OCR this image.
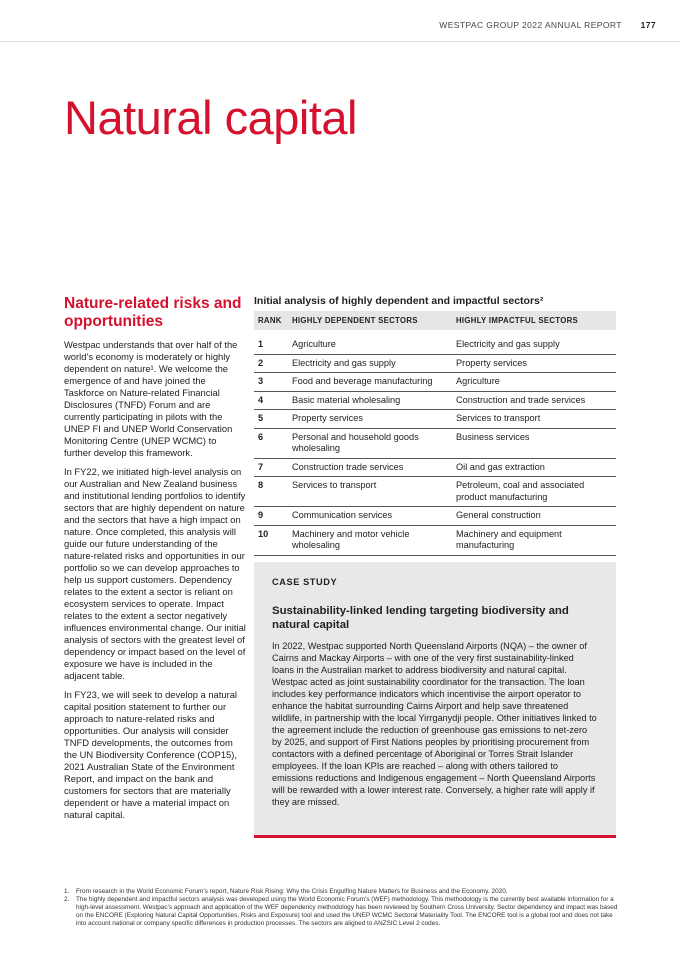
WESTPAC GROUP 2022 ANNUAL REPORT 177
Natural capital
Nature-related risks and opportunities

Westpac understands that over half of the world’s economy is moderately or highly dependent on nature¹. We welcome the emergence of and have joined the Taskforce on Nature-related Financial Disclosures (TNFD) Forum and are currently participating in pilots with the UNEP FI and UNEP World Conservation Monitoring Centre (UNEP WCMC) to further develop this framework.

In FY22, we initiated high-level analysis on our Australian and New Zealand business and institutional lending portfolios to identify sectors that are highly dependent on nature and the sectors that have a high impact on nature. Once completed, this analysis will guide our future understanding of the nature-related risks and opportunities in our portfolio so we can develop approaches to help us support customers. Dependency relates to the extent a sector is reliant on ecosystem services to operate. Impact relates to the extent a sector negatively influences environmental change. Our initial analysis of sectors with the greatest level of dependency or impact based on the level of exposure we have is included in the adjacent table.

In FY23, we will seek to develop a natural capital position statement to further our approach to nature-related risks and opportunities. Our analysis will consider TNFD developments, the outcomes from the UN Biodiversity Conference (COP15), 2021 Australian State of the Environment Report, and impact on the bank and customers for sectors that are materially dependent or have a material impact on natural capital.

Initial analysis of highly dependent and impactful sectors²
RANK	HIGHLY DEPENDENT SECTORS	HIGHLY IMPACTFUL SECTORS

1	Agriculture	Electricity and gas supply
2	Electricity and gas supply	Property services
3	Food and beverage manufacturing	Agriculture
4	Basic material wholesaling	Construction and trade services
5	Property services	Services to transport
6	Personal and household goods wholesaling	Business services
7	Construction trade services	Oil and gas extraction
8	Services to transport	Petroleum, coal and associated product manufacturing
9	Communication services	General construction
10	Machinery and motor vehicle wholesaling	Machinery and equipment manufacturing
CASE STUDY
Sustainability-linked lending targeting biodiversity and natural capital

In 2022, Westpac supported North Queensland Airports (NQA) – the owner of Cairns and Mackay Airports – with one of the very first sustainability-linked loans in the Australian market to address biodiversity and natural capital. Westpac acted as joint sustainability coordinator for the transaction. The loan includes key performance indicators which incentivise the airport operator to enhance the habitat surrounding Cairns Airport and help save threatened wildlife, in partnership with the local Yirrganydji people. Other initiatives linked to the agreement include the reduction of greenhouse gas emissions to net-zero by 2025, and support of First Nations peoples by prioritising procurement from contactors with a defined percentage of Aboriginal or Torres Strait Islander employees. If the loan KPIs are reached – along with others tailored to emissions reductions and Indigenous engagement – North Queensland Airports will be rewarded with a lower interest rate. Conversely, a higher rate will apply if they are missed.

1.	From research in the World Economic Forum’s report, Nature Risk Rising: Why the Crisis Engulfing Nature Matters for Business and the Economy. 2020.
2.	The highly dependent and impactful sectors analysis was developed using the World Economic Forum’s (WEF) methodology. This methodology is the currently best available information for a high-level assessment. Westpac’s approach and application of the WEF dependency methodology has been reviewed by Southern Cross University. Sector dependency and impact was based on the ENCORE (Exploring Natural Capital Opportunities, Risks and Exposure) tool and used the UNEP WCMC Sectoral Materiality Tool. The ENCORE tool is a global tool and does not take into account national or company specific differences in production processes. The sectors are aligned to ANZSIC Level 2 codes.
